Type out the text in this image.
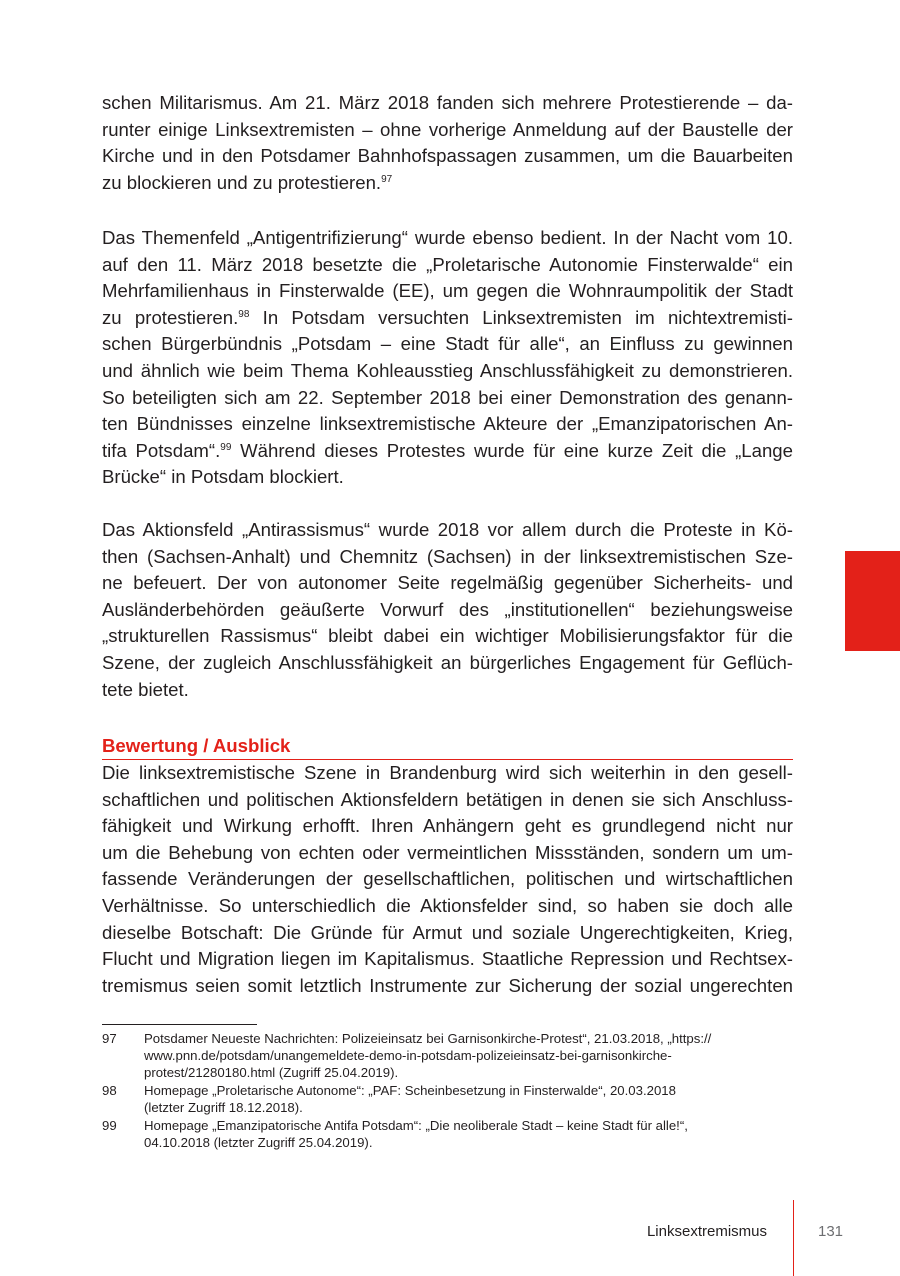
schen Militarismus. Am 21. März 2018 fanden sich mehrere Protestierende – da-
runter einige Linksextremisten – ohne vorherige Anmeldung auf der Baustelle der
Kirche und in den Potsdamer Bahnhofspassagen zusammen, um die Bauarbeiten
zu blockieren und zu protestieren.$^{97}$
Das Themenfeld „Antigentrifizierung“ wurde ebenso bedient. In der Nacht vom 10.
auf den 11. März 2018 besetzte die „Proletarische Autonomie Finsterwalde“ ein
Mehrfamilienhaus in Finsterwalde (EE), um gegen die Wohnraumpolitik der Stadt
zu protestieren.$^{98}$ In Potsdam versuchten Linksextremisten im nichtextremisti-
schen Bürgerbündnis „Potsdam – eine Stadt für alle“, an Einfluss zu gewinnen
und ähnlich wie beim Thema Kohleausstieg Anschlussfähigkeit zu demonstrieren.
So beteiligten sich am 22. September 2018 bei einer Demonstration des genann-
ten Bündnisses einzelne linksextremistische Akteure der „Emanzipatorischen An-
tifa Potsdam“.$^{99}$ Während dieses Protestes wurde für eine kurze Zeit die „Lange
Brücke“ in Potsdam blockiert.
Das Aktionsfeld „Antirassismus“ wurde 2018 vor allem durch die Proteste in Kö-
then (Sachsen-Anhalt) und Chemnitz (Sachsen) in der linksextremistischen Sze-
ne befeuert. Der von autonomer Seite regelmäßig gegenüber Sicherheits- und
Ausländerbehörden geäußerte Vorwurf des „institutionellen“ beziehungsweise
„strukturellen Rassismus“ bleibt dabei ein wichtiger Mobilisierungsfaktor für die
Szene, der zugleich Anschlussfähigkeit an bürgerliches Engagement für Geflüch-
tete bietet.
Bewertung / Ausblick
Die linksextremistische Szene in Brandenburg wird sich weiterhin in den gesell-
schaftlichen und politischen Aktionsfeldern betätigen in denen sie sich Anschluss-
fähigkeit und Wirkung erhofft. Ihren Anhängern geht es grundlegend nicht nur
um die Behebung von echten oder vermeintlichen Missständen, sondern um um-
fassende Veränderungen der gesellschaftlichen, politischen und wirtschaftlichen
Verhältnisse. So unterschiedlich die Aktionsfelder sind, so haben sie doch alle
dieselbe Botschaft: Die Gründe für Armut und soziale Ungerechtigkeiten, Krieg,
Flucht und Migration liegen im Kapitalismus. Staatliche Repression und Rechtsex-
tremismus seien somit letztlich Instrumente zur Sicherung der sozial ungerechten
97	Potsdamer Neueste Nachrichten: Polizeieinsatz bei Garnisonkirche-Protest“, 21.03.2018, „https://
www.pnn.de/potsdam/unangemeldete-demo-in-potsdam-polizeieinsatz-bei-garnisonkirche-
protest/21280180.html (Zugriff 25.04.2019).
98	Homepage „Proletarische Autonome“: „PAF: Scheinbesetzung in Finsterwalde“, 20.03.2018
(letzter Zugriff 18.12.2018).
99	Homepage „Emanzipatorische Antifa Potsdam“: „Die neoliberale Stadt – keine Stadt für alle!“,
04.10.2018 (letzter Zugriff 25.04.2019).
Linksextremismus	131
